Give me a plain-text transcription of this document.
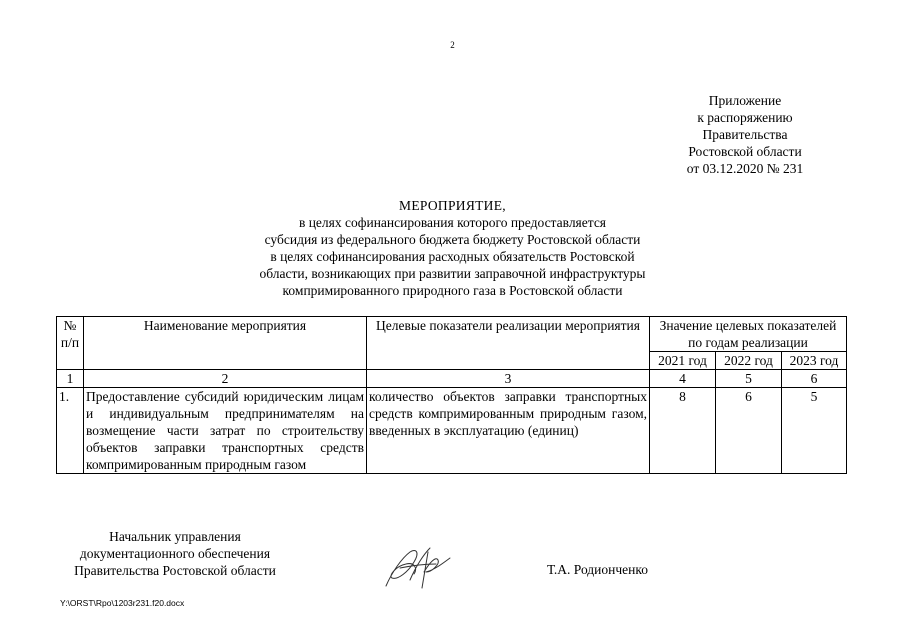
2
Приложение
к распоряжению
Правительства
Ростовской области
от 03.12.2020 № 231
МЕРОПРИЯТИЕ,
в целях софинансирования которого предоставляется
субсидия из федерального бюджета бюджету Ростовской области
в целях софинансирования расходных обязательств Ростовской
области, возникающих при развитии заправочной инфраструктуры
компримированного природного газа в Ростовской области
№ п/п	Наименование мероприятия	Целевые показатели реализации мероприятия	Значение целевых показателей по годам реализации		
			2021 год	2022 год	2023 год
1	2	3	4	5	6
1.	Предоставление субсидий юридическим лицам и индивидуальным предпринимателям на возмещение части затрат по строительству объектов заправки транспортных средств компримированным природным газом	количество объектов заправки транспортных средств компримированным природным газом, введенных в эксплуатацию (единиц)	8	6	5
Начальник управления
документационного обеспечения
Правительства Ростовской области	Т.А. Родионченко
Y:\ORST\Rpo\1203r231.f20.docx
